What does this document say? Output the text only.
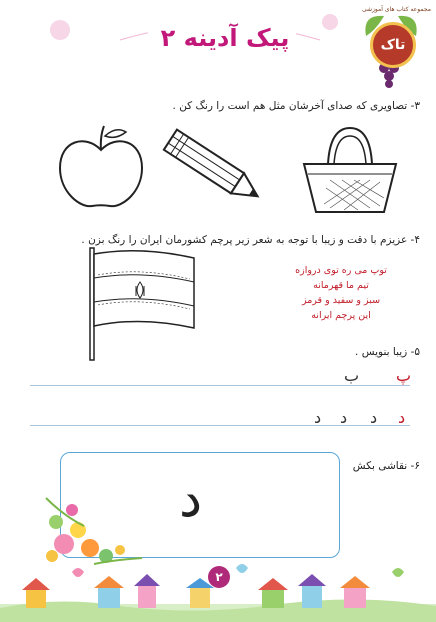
پیک آدینه ۲
مجموعه کتاب های آموزشی
تاک
۳- تصاویری که صدای آخرشان مثل هم است را رنگ کن .
۴- عزیزم با دقت و زیبا با توجه به شعر زیر پرچم کشورمان ایران را رنگ بزن .
توپ می ره توی دروازه
تیم ما قهرمانه
سبز و سفید و قرمز
این پرچم ایرانه
۵- زیبا بنویس .
پ
ب
د
د
د
د
۶- نقاشی بکش
د
۲
